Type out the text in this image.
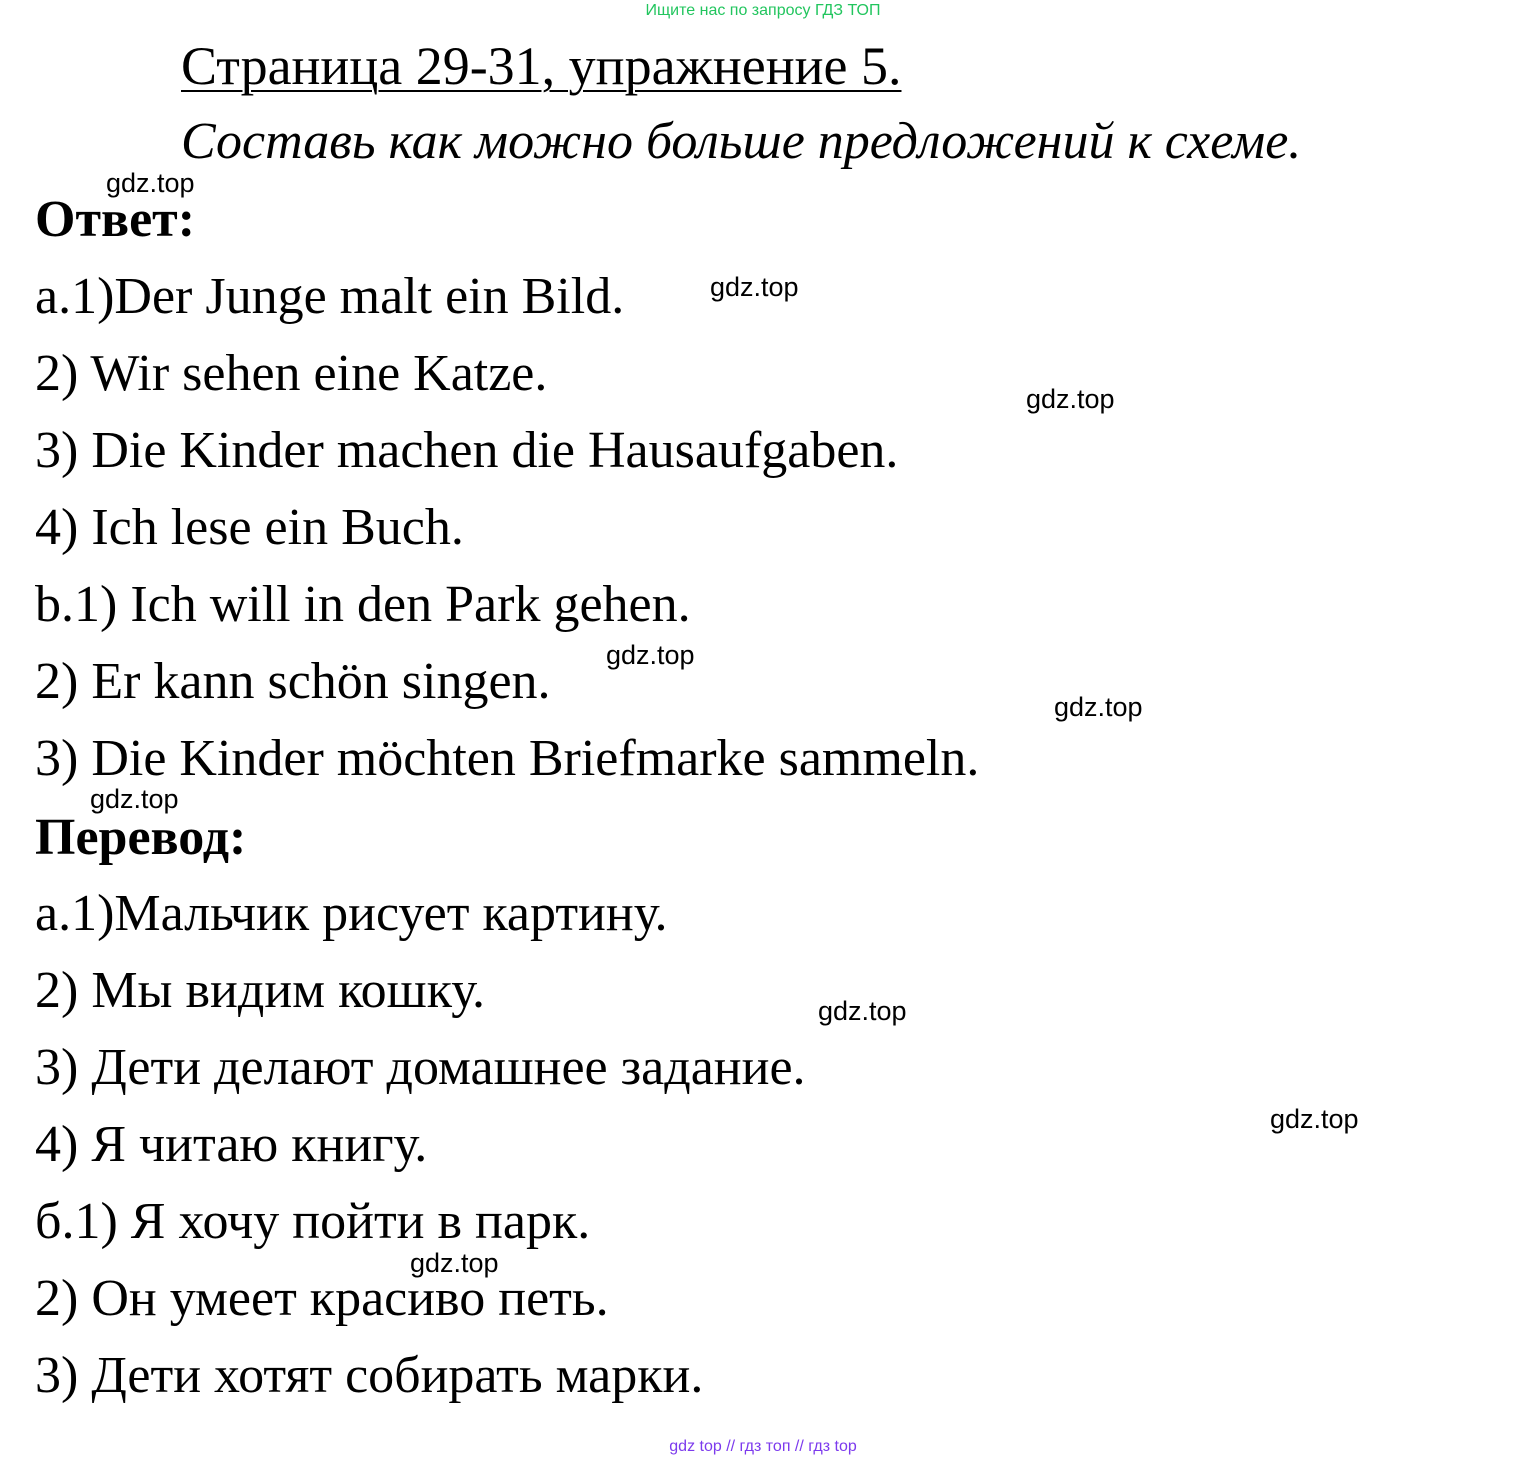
Ищите нас по запросу ГДЗ ТОП
Страница 29-31, упражнение 5.
Составь как можно больше предложений к схеме.
Ответ:
a.1)Der Junge malt ein Bild.
2) Wir sehen eine Katze.
3) Die Kinder machen die Hausaufgaben.
4) Ich lese ein Buch.
b.1) Ich will in den Park gehen.
2) Er kann schön singen.
3) Die Kinder möchten Briefmarke sammeln.
Перевод:
a.1)Мальчик рисует картину.
2) Мы видим кошку.
3) Дети делают домашнее задание.
4) Я читаю книгу.
б.1) Я хочу пойти в парк.
2) Он умеет красиво петь.
3) Дети хотят собирать марки.
gdz.top
gdz.top
gdz.top
gdz.top
gdz.top
gdz.top
gdz.top
gdz.top
gdz.top
gdz top // гдз топ // гдз top
